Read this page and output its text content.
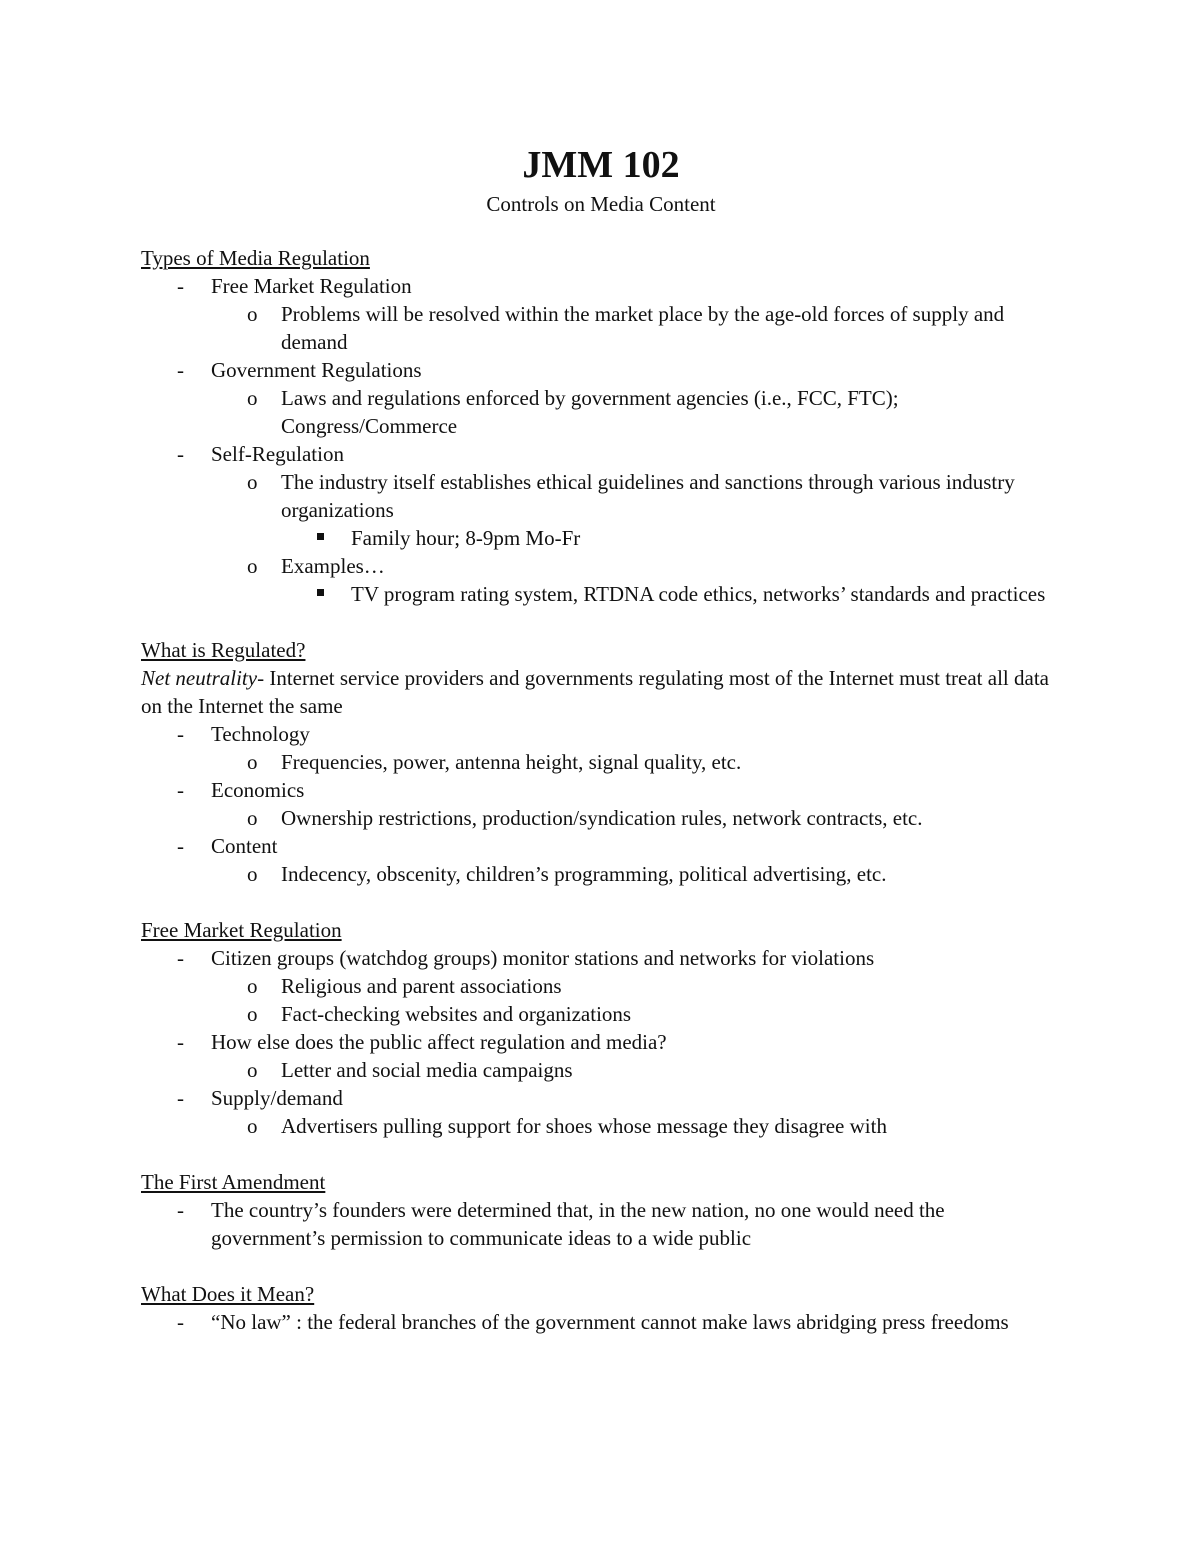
JMM 102

Controls on Media Content

Types of Media Regulation

- Free Market Regulation
o Problems will be resolved within the market place by the age-old forces of supply and demand
- Government Regulations
o Laws and regulations enforced by government agencies (i.e., FCC, FTC); Congress/Commerce
- Self-Regulation
o The industry itself establishes ethical guidelines and sanctions through various industry organizations
Family hour; 8-9pm Mo-Fr
o Examples…
TV program rating system, RTDNA code ethics, networks’ standards and practices

What is Regulated?

Net neutrality- Internet service providers and governments regulating most of the Internet must treat all data on the Internet the same

- Technology
o Frequencies, power, antenna height, signal quality, etc.
- Economics
o Ownership restrictions, production/syndication rules, network contracts, etc.
- Content
o Indecency, obscenity, children’s programming, political advertising, etc.

Free Market Regulation

- Citizen groups (watchdog groups) monitor stations and networks for violations
o Religious and parent associations
o Fact-checking websites and organizations
- How else does the public affect regulation and media?
o Letter and social media campaigns
- Supply/demand
o Advertisers pulling support for shoes whose message they disagree with

The First Amendment

- The country’s founders were determined that, in the new nation, no one would need the government’s permission to communicate ideas to a wide public

What Does it Mean?

- “No law” : the federal branches of the government cannot make laws abridging press freedoms
